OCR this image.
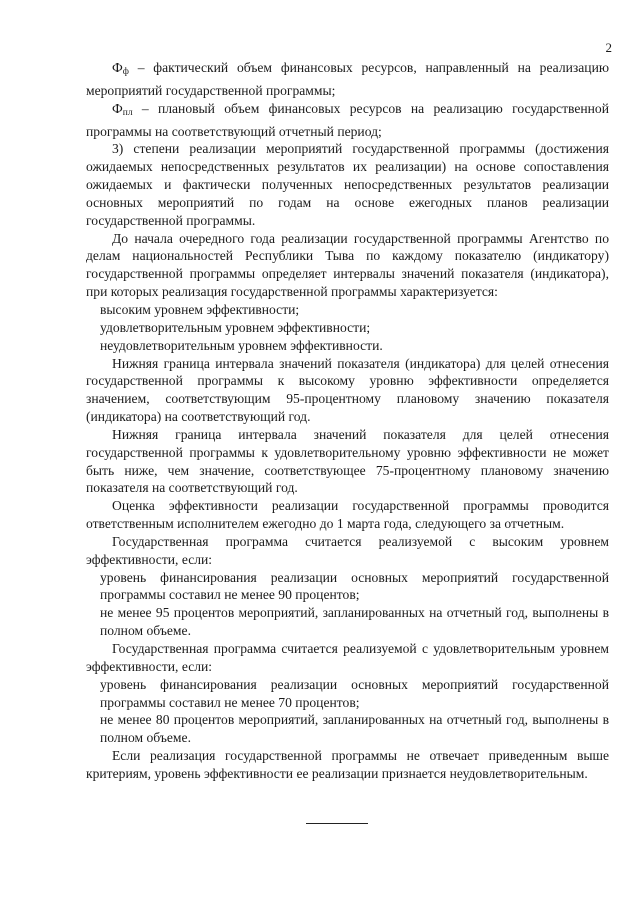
2

$Ф_ф$ – фактический объем финансовых ресурсов, направленный на реализацию мероприятий государственной программы;

$Ф_{пл}$ – плановый объем финансовых ресурсов на реализацию государственной программы на соответствующий отчетный период;

3) степени реализации мероприятий государственной программы (достижения ожидаемых непосредственных результатов их реализации) на основе сопоставления ожидаемых и фактически полученных непосредственных результатов реализации основных мероприятий по годам на основе ежегодных планов реализации государственной программы.

До начала очередного года реализации государственной программы Агентство по делам национальностей Республики Тыва по каждому показателю (индикатору) государственной программы определяет интервалы значений показателя (индикатора), при которых реализация государственной программы характеризуется:

высоким уровнем эффективности;

удовлетворительным уровнем эффективности;

неудовлетворительным уровнем эффективности.

Нижняя граница интервала значений показателя (индикатора) для целей отнесения государственной программы к высокому уровню эффективности определяется значением, соответствующим 95-процентному плановому значению показателя (индикатора) на соответствующий год.

Нижняя граница интервала значений показателя для целей отнесения государственной программы к удовлетворительному уровню эффективности не может быть ниже, чем значение, соответствующее 75-процентному плановому значению показателя на соответствующий год.

Оценка эффективности реализации государственной программы проводится ответственным исполнителем ежегодно до 1 марта года, следующего за отчетным.

Государственная программа считается реализуемой с высоким уровнем эффективности, если:

уровень финансирования реализации основных мероприятий государственной программы составил не менее 90 процентов;

не менее 95 процентов мероприятий, запланированных на отчетный год, выполнены в полном объеме.

Государственная программа считается реализуемой с удовлетворительным уровнем эффективности, если:

уровень финансирования реализации основных мероприятий государственной программы составил не менее 70 процентов;

не менее 80 процентов мероприятий, запланированных на отчетный год, выполнены в полном объеме.

Если реализация государственной программы не отвечает приведенным выше критериям, уровень эффективности ее реализации признается неудовлетворительным.
